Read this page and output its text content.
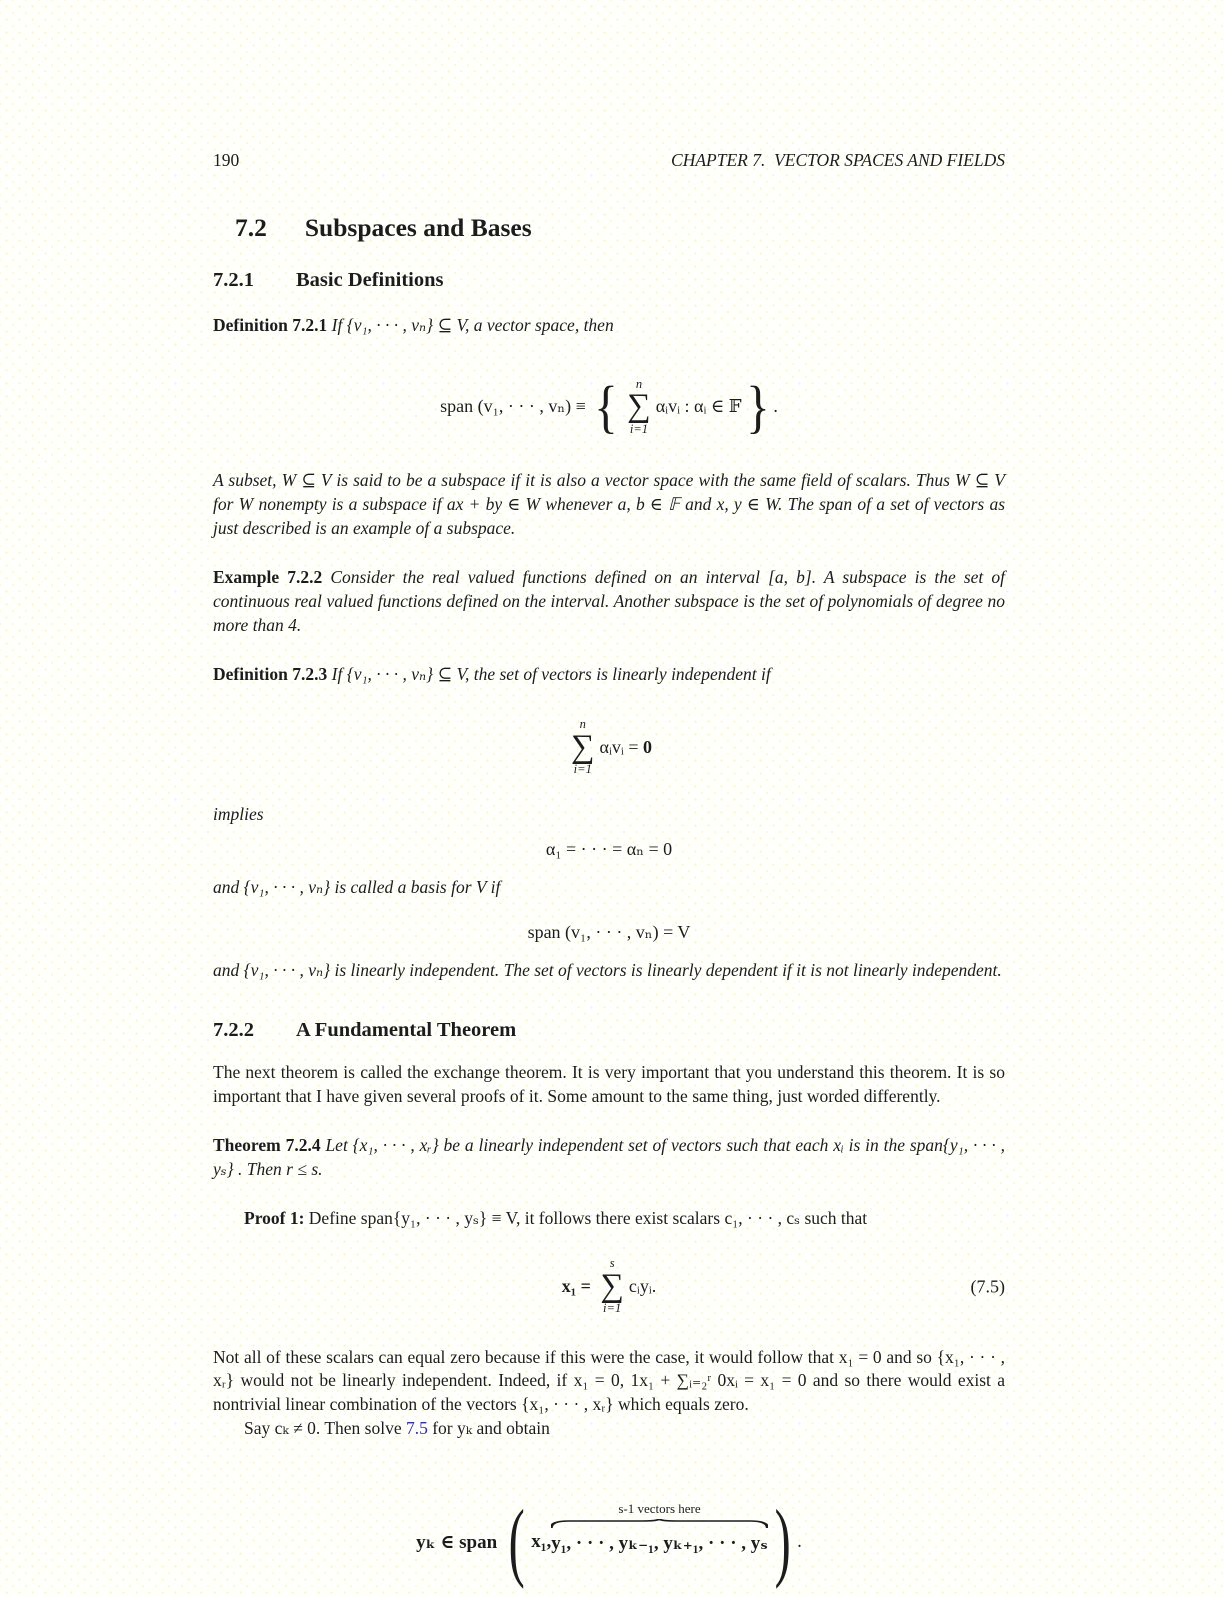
190	CHAPTER 7.  VECTOR SPACES AND FIELDS
7.2 Subspaces and Bases
7.2.1 Basic Definitions

Definition 7.2.1 If {v₁, · · · , vₙ} ⊆ V, a vector space, then

span (v₁, · · · , vₙ) ≡ { n
∑
i=1
αᵢvᵢ : αᵢ ∈ 𝔽 } .

A subset, W ⊆ V is said to be a subspace if it is also a vector space with the same field of scalars. Thus W ⊆ V for W nonempty is a subspace if ax + by ∈ W whenever a, b ∈ 𝔽 and x, y ∈ W. The span of a set of vectors as just described is an example of a subspace.

Example 7.2.2 Consider the real valued functions defined on an interval [a, b]. A subspace is the set of continuous real valued functions defined on the interval. Another subspace is the set of polynomials of degree no more than 4.

Definition 7.2.3 If {v₁, · · · , vₙ} ⊆ V, the set of vectors is linearly independent if

n
∑
i=1
αᵢvᵢ = 0

implies

α₁ = · · · = αₙ = 0

and {v₁, · · · , vₙ} is called a basis for V if

span (v₁, · · · , vₙ) = V

and {v₁, · · · , vₙ} is linearly independent. The set of vectors is linearly dependent if it is not linearly independent.

7.2.2 A Fundamental Theorem

The next theorem is called the exchange theorem. It is very important that you understand this theorem. It is so important that I have given several proofs of it. Some amount to the same thing, just worded differently.

Theorem 7.2.4 Let {x₁, · · · , xᵣ} be a linearly independent set of vectors such that each xᵢ is in the span{y₁, · · · , yₛ} . Then r ≤ s.

Proof 1: Define span{y₁, · · · , yₛ} ≡ V, it follows there exist scalars c₁, · · · , cₛ such that

x₁ =
s
∑
i=1
cᵢyᵢ.	(7.5)

Not all of these scalars can equal zero because if this were the case, it would follow that x₁ = 0 and so {x₁, · · · , xᵣ} would not be linearly independent. Indeed, if x₁ = 0, 1x₁ + ∑ᵢ₌₂ʳ 0xᵢ = x₁ = 0 and so there would exist a nontrivial linear combination of the vectors {x₁, · · · , xᵣ} which equals zero.

Say cₖ ≠ 0. Then solve 7.5 for yₖ and obtain

yₖ ∈ span ( x₁,
s-1 vectors here
y₁, · · · , yₖ₋₁, yₖ₊₁, · · · , yₛ ) .
